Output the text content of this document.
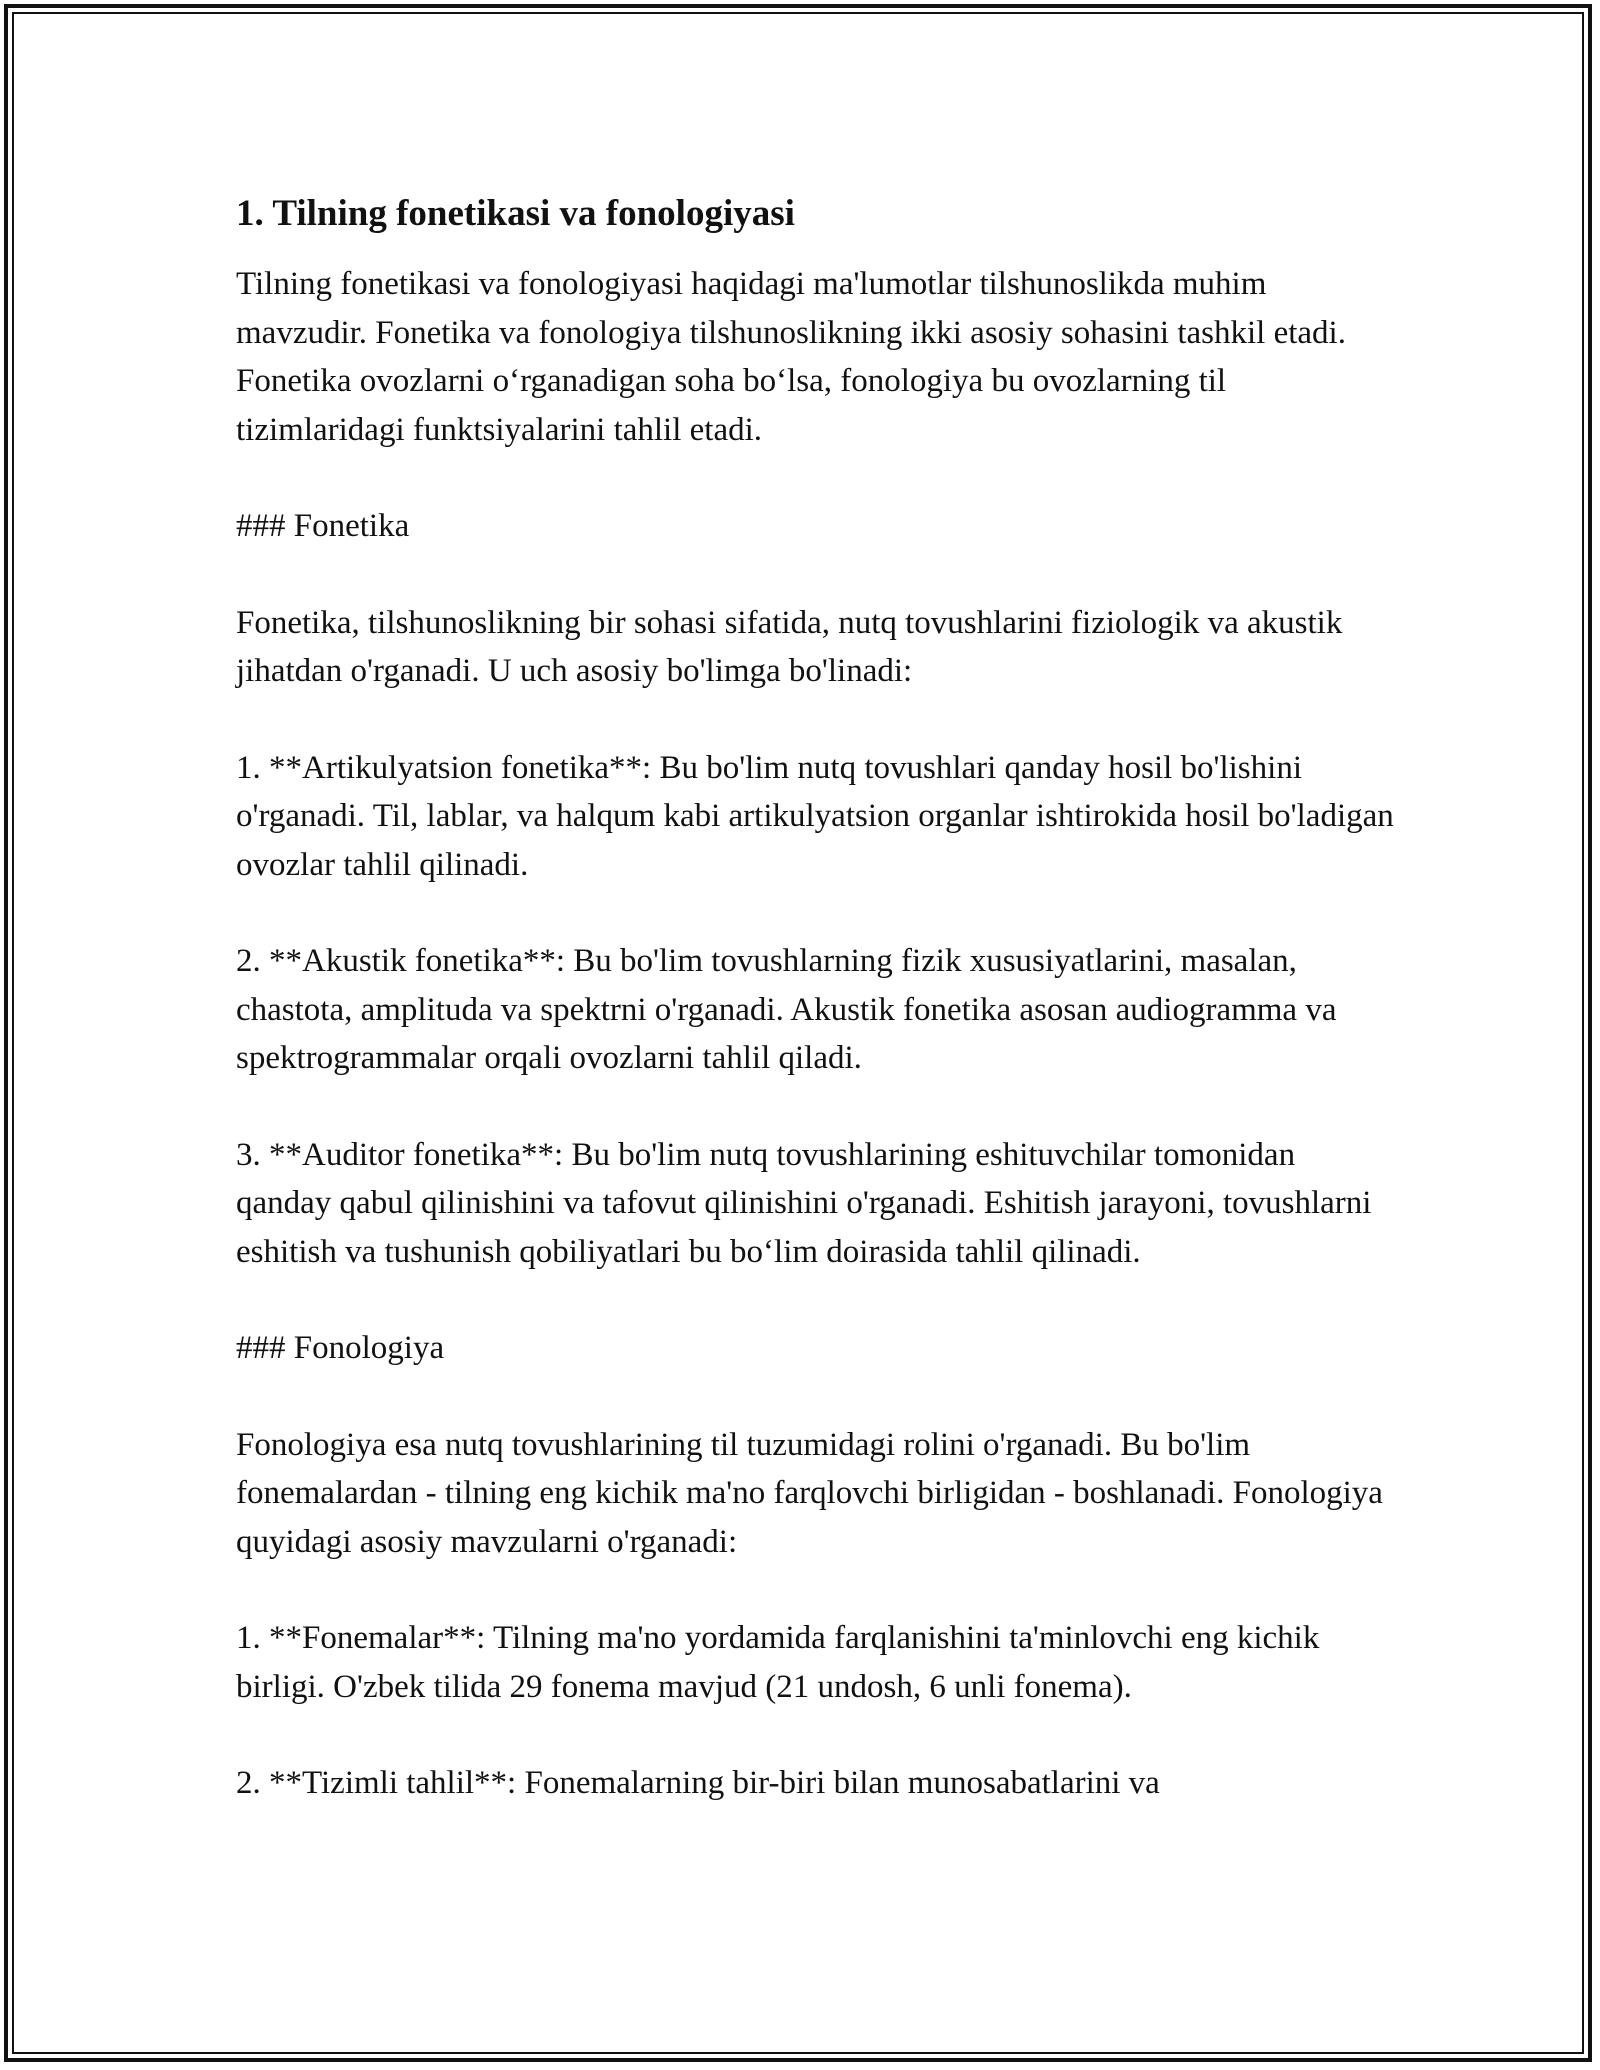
1. Tilning fonetikasi va fonologiyasi

Tilning fonetikasi va fonologiyasi haqidagi ma'lumotlar tilshunoslikda muhim mavzudir. Fonetika va fonologiya tilshunoslikning ikki asosiy sohasini tashkil etadi. Fonetika ovozlarni o‘rganadigan soha bo‘lsa, fonologiya bu ovozlarning til tizimlaridagi funktsiyalarini tahlil etadi.

### Fonetika

Fonetika, tilshunoslikning bir sohasi sifatida, nutq tovushlarini fiziologik va akustik jihatdan o'rganadi. U uch asosiy bo'limga bo'linadi:

1. **Artikulyatsion fonetika**: Bu bo'lim nutq tovushlari qanday hosil bo'lishini o'rganadi. Til, lablar, va halqum kabi artikulyatsion organlar ishtirokida hosil bo'ladigan ovozlar tahlil qilinadi.

2. **Akustik fonetika**: Bu bo'lim tovushlarning fizik xususiyatlarini, masalan, chastota, amplituda va spektrni o'rganadi. Akustik fonetika asosan audiogramma va spektrogrammalar orqali ovozlarni tahlil qiladi.

3. **Auditor fonetika**: Bu bo'lim nutq tovushlarining eshituvchilar tomonidan qanday qabul qilinishini va tafovut qilinishini o'rganadi. Eshitish jarayoni, tovushlarni eshitish va tushunish qobiliyatlari bu bo‘lim doirasida tahlil qilinadi.

### Fonologiya

Fonologiya esa nutq tovushlarining til tuzumidagi rolini o'rganadi. Bu bo'lim fonemalardan - tilning eng kichik ma'no farqlovchi birligidan - boshlanadi. Fonologiya quyidagi asosiy mavzularni o'rganadi:

1. **Fonemalar**: Tilning ma'no yordamida farqlanishini ta'minlovchi eng kichik birligi. O'zbek tilida 29 fonema mavjud (21 undosh, 6 unli fonema).

2. **Tizimli tahlil**: Fonemalarning bir-biri bilan munosabatlarini va
